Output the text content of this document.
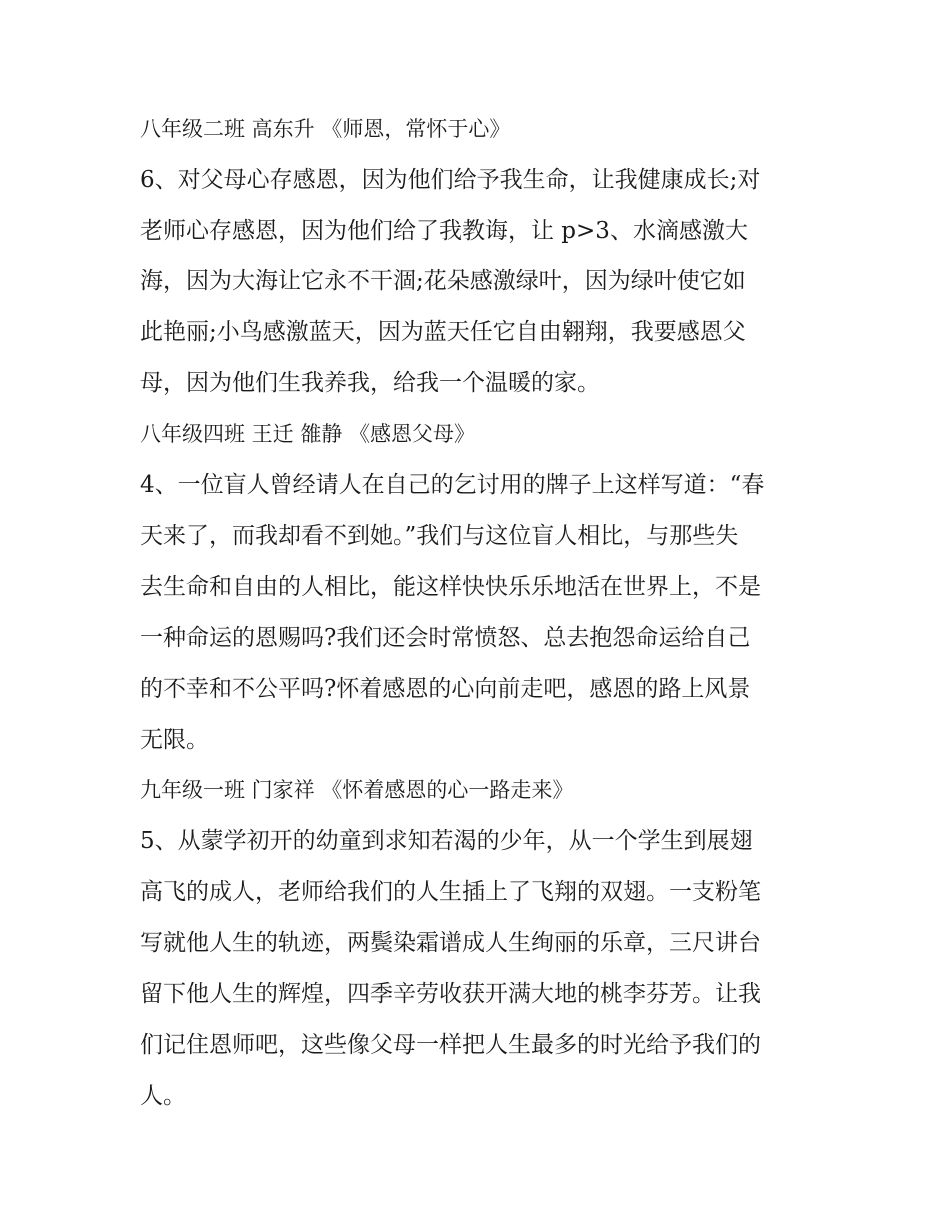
八年级二班 高东升 《师恩，常怀于心》

6、对父母心存感恩，因为他们给予我生命，让我健康成长;对

老师心存感恩，因为他们给了我教诲，让 p>3、水滴感激大

海，因为大海让它永不干涸;花朵感激绿叶，因为绿叶使它如

此艳丽;小鸟感激蓝天，因为蓝天任它自由翱翔，我要感恩父

母，因为他们生我养我，给我一个温暖的家。

八年级四班 王迁 雒静 《感恩父母》

4、一位盲人曾经请人在自己的乞讨用的牌子上这样写道：“春

天来了，而我却看不到她。”我们与这位盲人相比，与那些失

去生命和自由的人相比，能这样快快乐乐地活在世界上，不是

一种命运的恩赐吗?我们还会时常愤怒、总去抱怨命运给自己

的不幸和不公平吗?怀着感恩的心向前走吧，感恩的路上风景

无限。

九年级一班 门家祥 《怀着感恩的心一路走来》

5、从蒙学初开的幼童到求知若渴的少年，从一个学生到展翅

高飞的成人，老师给我们的人生插上了飞翔的双翅。一支粉笔

写就他人生的轨迹，两鬓染霜谱成人生绚丽的乐章，三尺讲台

留下他人生的辉煌，四季辛劳收获开满大地的桃李芬芳。让我

们记住恩师吧，这些像父母一样把人生最多的时光给予我们的

人。
